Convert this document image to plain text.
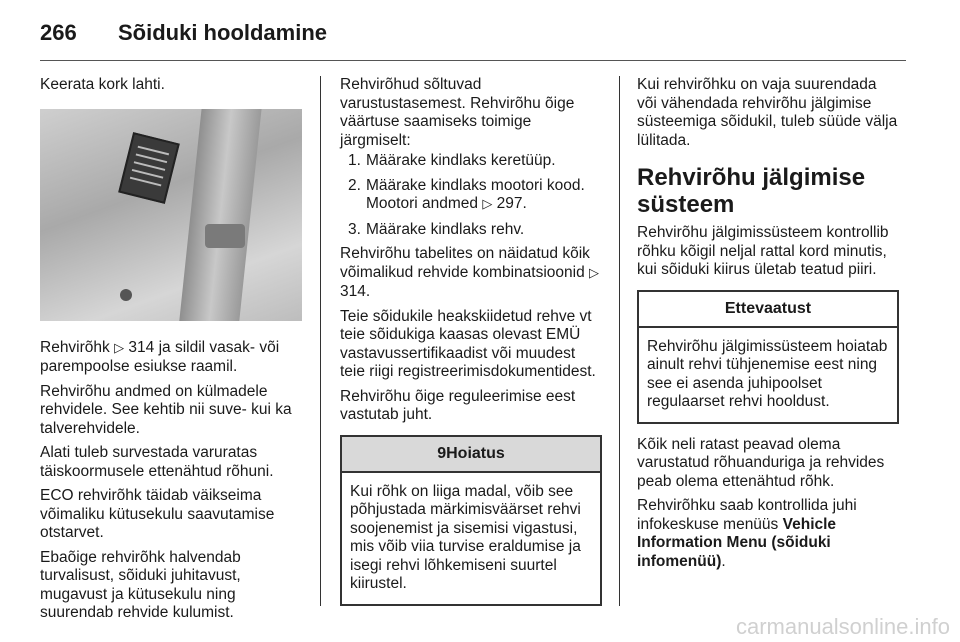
266 Sõiduki hooldamine

Keerata kork lahti.

Rehvirõhk ▷ 314 ja sildil vasak- või parempoolse esiukse raamil.

Rehvirõhu andmed on külmadele rehvidele. See kehtib nii suve- kui ka talverehvidele.

Alati tuleb survestada varuratas täiskoormusele ettenähtud rõhuni.

ECO rehvirõhk täidab väikseima võimaliku kütusekulu saavutamise otstarvet.

Ebaõige rehvirõhk halvendab turvalisust, sõiduki juhitavust, mugavust ja kütusekulu ning suurendab rehvide kulumist.

Rehvirõhud sõltuvad varustustasemest. Rehvirõhu õige väärtuse saamiseks toimige järgmiselt:

1. Määrake kindlaks keretüüp.
2. Määrake kindlaks mootori kood. Mootori andmed ▷ 297.
3. Määrake kindlaks rehv.

Rehvirõhu tabelites on näidatud kõik võimalikud rehvide kombinatsioonid ▷ 314.

Teie sõidukile heakskiidetud rehve vt teie sõidukiga kaasas olevast EMÜ vastavussertifikaadist või muudest teie riigi registreerimisdokumentidest.

Rehvirõhu õige reguleerimise eest vastutab juht.

9Hoiatus
Kui rõhk on liiga madal, võib see põhjustada märkimisväärset rehvi soojenemist ja sisemisi vigastusi, mis võib viia turvise eraldumise ja isegi rehvi lõhkemiseni suurtel kiirustel.

Kui rehvirõhku on vaja suurendada või vähendada rehvirõhu jälgimise süsteemiga sõidukil, tuleb süüde välja lülitada.

Rehvirõhu jälgimise süsteem

Rehvirõhu jälgimissüsteem kontrollib rõhku kõigil neljal rattal kord minutis, kui sõiduki kiirus ületab teatud piiri.

Ettevaatust
Rehvirõhu jälgimissüsteem hoiatab ainult rehvi tühjenemise eest ning see ei asenda juhipoolset regulaarset rehvi hooldust.

Kõik neli ratast peavad olema varustatud rõhuanduriga ja rehvides peab olema ettenähtud rõhk.

Rehvirõhku saab kontrollida juhi infokeskuse menüüs Vehicle Information Menu (sõiduki infomenüü).

carmanualsonline.info
